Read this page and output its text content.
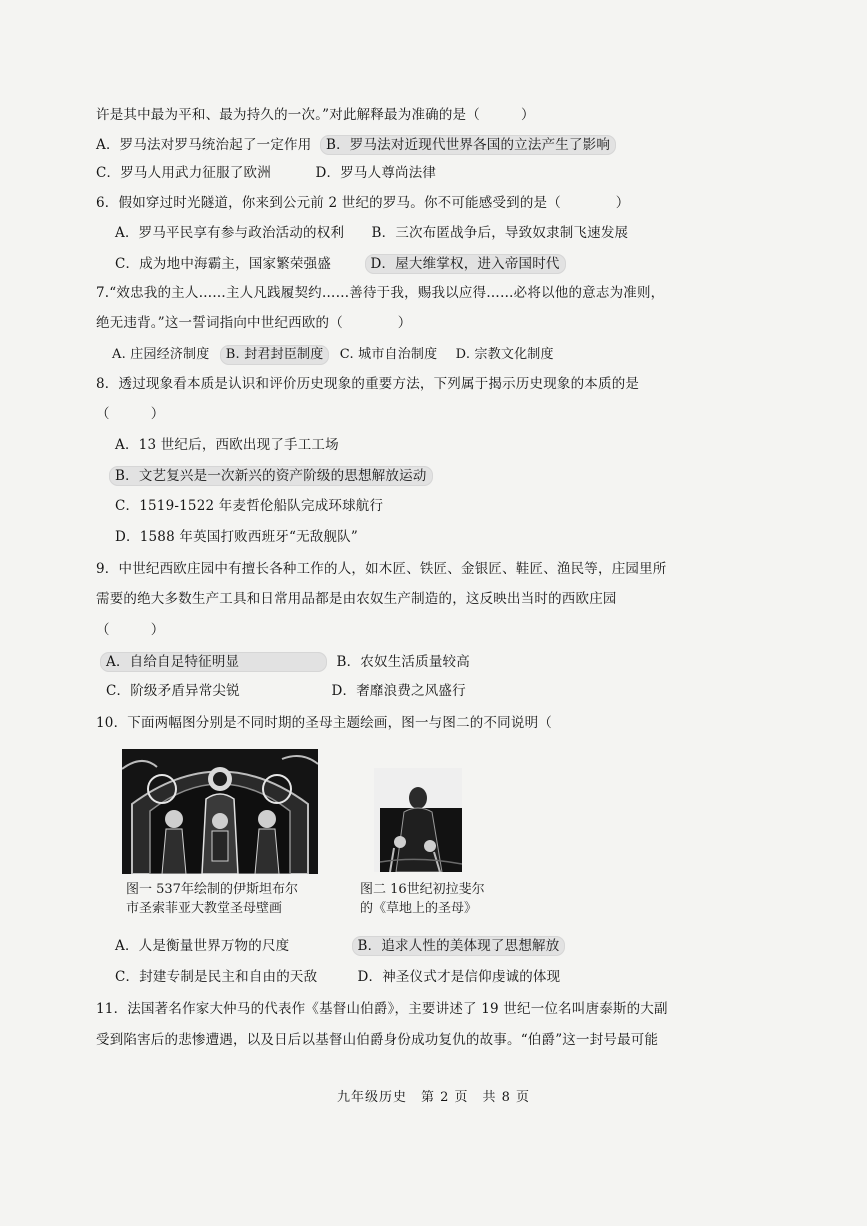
许是其中最为平和、最为持久的一次。”对此解释最为准确的是（　　　）
A．罗马法对罗马统治起了一定作用 B．罗马法对近现代世界各国的立法产生了影响
C．罗马人用武力征服了欧洲	D．罗马人尊尚法律
6．假如穿过时光隧道，你来到公元前 2 世纪的罗马。你不可能感受到的是（　　　　）
A．罗马平民享有参与政治活动的权利 B．三次布匿战争后，导致奴隶制飞速发展
C．成为地中海霸主，国家繁荣强盛	D．屋大维掌权，进入帝国时代
7.“效忠我的主人……主人凡践履契约……善待于我，赐我以应得……必将以他的意志为准则，
绝无违背。”这一誓词指向中世纪西欧的（　　　　）
A. 庄园经济制度 B. 封君封臣制度 C. 城市自治制度 D. 宗教文化制度
8．透过现象看本质是认识和评价历史现象的重要方法，下列属于揭示历史现象的本质的是
（　　　）
A．13 世纪后，西欧出现了手工工场
B．文艺复兴是一次新兴的资产阶级的思想解放运动
C．1519-1522 年麦哲伦船队完成环球航行
D．1588 年英国打败西班牙“无敌舰队”
9．中世纪西欧庄园中有擅长各种工作的人，如木匠、铁匠、金银匠、鞋匠、渔民等，庄园里所
需要的绝大多数生产工具和日常用品都是由农奴生产制造的，这反映出当时的西欧庄园
（　　　）
A．自给自足特征明显	B．农奴生活质量较高
C．阶级矛盾异常尖锐	D．奢靡浪费之风盛行
10．下面两幅图分别是不同时期的圣母主题绘画，图一与图二的不同说明（
图一 537年绘制的伊斯坦布尔
市圣索菲亚大教堂圣母壁画
图二 16世纪初拉斐尔
的《草地上的圣母》
A．人是衡量世界万物的尺度	B．追求人性的美体现了思想解放
C．封建专制是民主和自由的天敌	D．神圣仪式才是信仰虔诚的体现
11．法国著名作家大仲马的代表作《基督山伯爵》，主要讲述了 19 世纪一位名叫唐泰斯的大副
受到陷害后的悲惨遭遇，以及日后以基督山伯爵身份成功复仇的故事。“伯爵”这一封号最可能
九年级历史　第 2 页　共 8 页
